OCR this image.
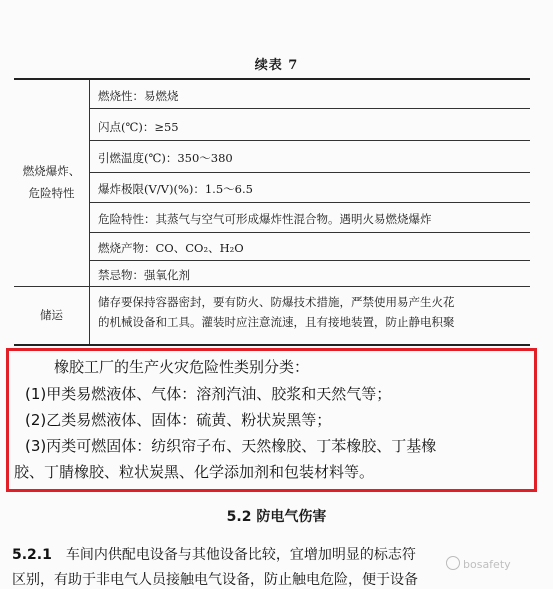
续表 7
燃烧爆炸、
危险特性
燃烧性：易燃烧
闪点(℃)：≥55
引燃温度(℃)：350～380
爆炸极限(V/V)(%)：1.5～6.5
危险特性：其蒸气与空气可形成爆炸性混合物。遇明火易燃烧爆炸
燃烧产物：CO、CO₂、H₂O
禁忌物：强氧化剂
储运
储存要保持容器密封，要有防火、防爆技术措施，严禁使用易产生火花
的机械设备和工具。灌装时应注意流速，且有接地装置，防止静电积聚
橡胶工厂的生产火灾危险性类别分类：
(1)甲类易燃液体、气体：溶剂汽油、胶浆和天然气等；
(2)乙类易燃液体、固体：硫黄、粉状炭黑等；
(3)丙类可燃固体：纺织帘子布、天然橡胶、丁苯橡胶、丁基橡
胶、丁腈橡胶、粒状炭黑、化学添加剂和包装材料等。
5.2 防电气伤害
5.2.1 车间内供配电设备与其他设备比较，宜增加明显的标志符
区别，有助于非电气人员接触电气设备，防止触电危险，便于设备
bosafety
